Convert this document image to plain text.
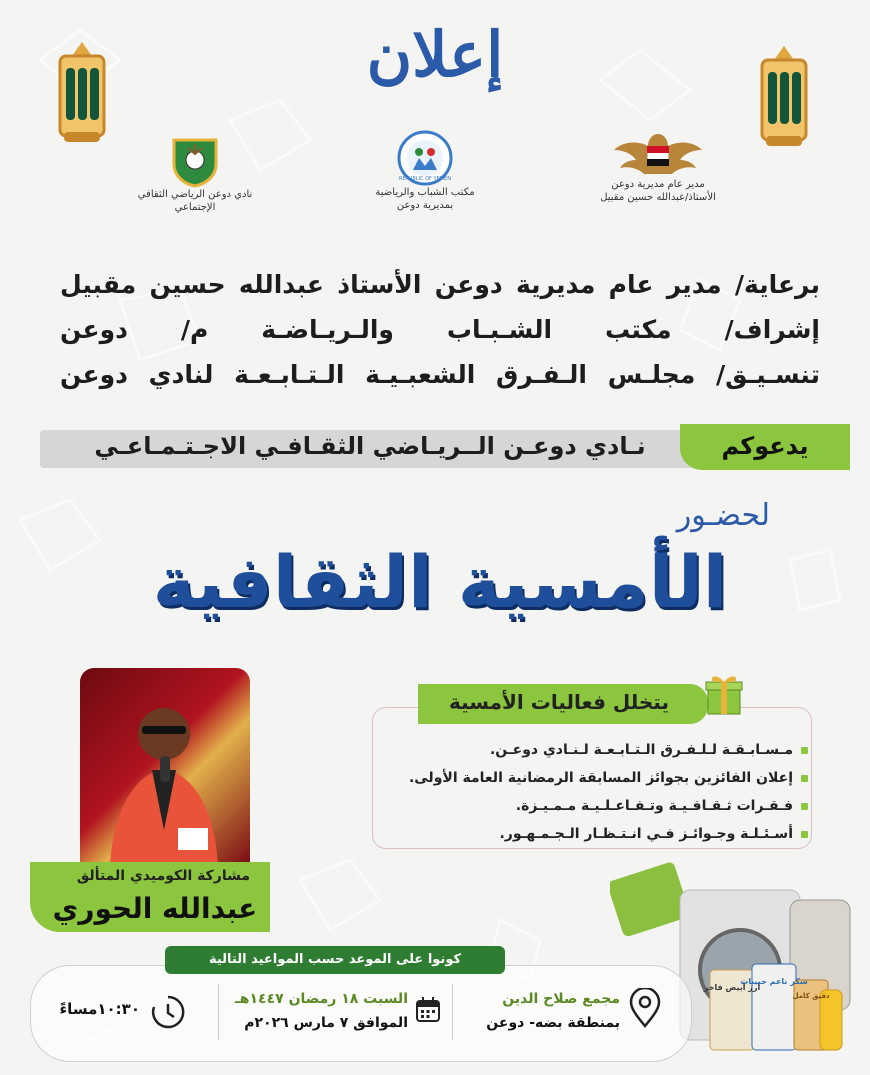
إعلان
مدير عام مديرية دوعن
الأستاذ/عبدالله حسين مقبيل
REPUBLIC OF YEMEN
مكتب الشباب والرياضية
بمديرية دوعن
نادي دوعن الرياضي الثقافي
الإجتماعي
برعاية/ مدير عام مديرية دوعن الأستاذ عبدالله حسين مقبيل
إشراف/ مكتب الشـبـاب والـريـاضـة م/ دوعن
تنسـيـق/ مجلـس الـفـرق الشعبـيـة الـتـابـعـة لنادي دوعن
نـادي دوعـن الــريـاضي الثقـافـي الاجـتـمـاعـي	يدعوكم
لحضـور
الأمسية الثقافية
مشاركة الكوميدي المتألق
عبدالله الحوري
يتخلل فعاليات الأمسية
مـسـابـقـة لـلـفـرق الـتـابـعـة لـنـادي دوعـن.
إعلان الفائزين بجوائز المسابقة الرمضانية العامة الأولى.
فـقـرات ثـقـافـيـة وتـفـاعـلـيـة مـمـيـزة.
أسـئـلـة وجـوائـز فـي انـتـظـار الـجـمـهـور.
أرز أبيض فاخر
سكر ناعم حبيبات
دقيق كامل
كونوا على الموعد حسب المواعيد التالية
مجمع صلاح الدين
بمنطقة بضه- دوعن
السبت ١٨ رمضان ١٤٤٧هـ
الموافق ٧ مارس ٢٠٢٦م
١٠:٣٠مساءً
